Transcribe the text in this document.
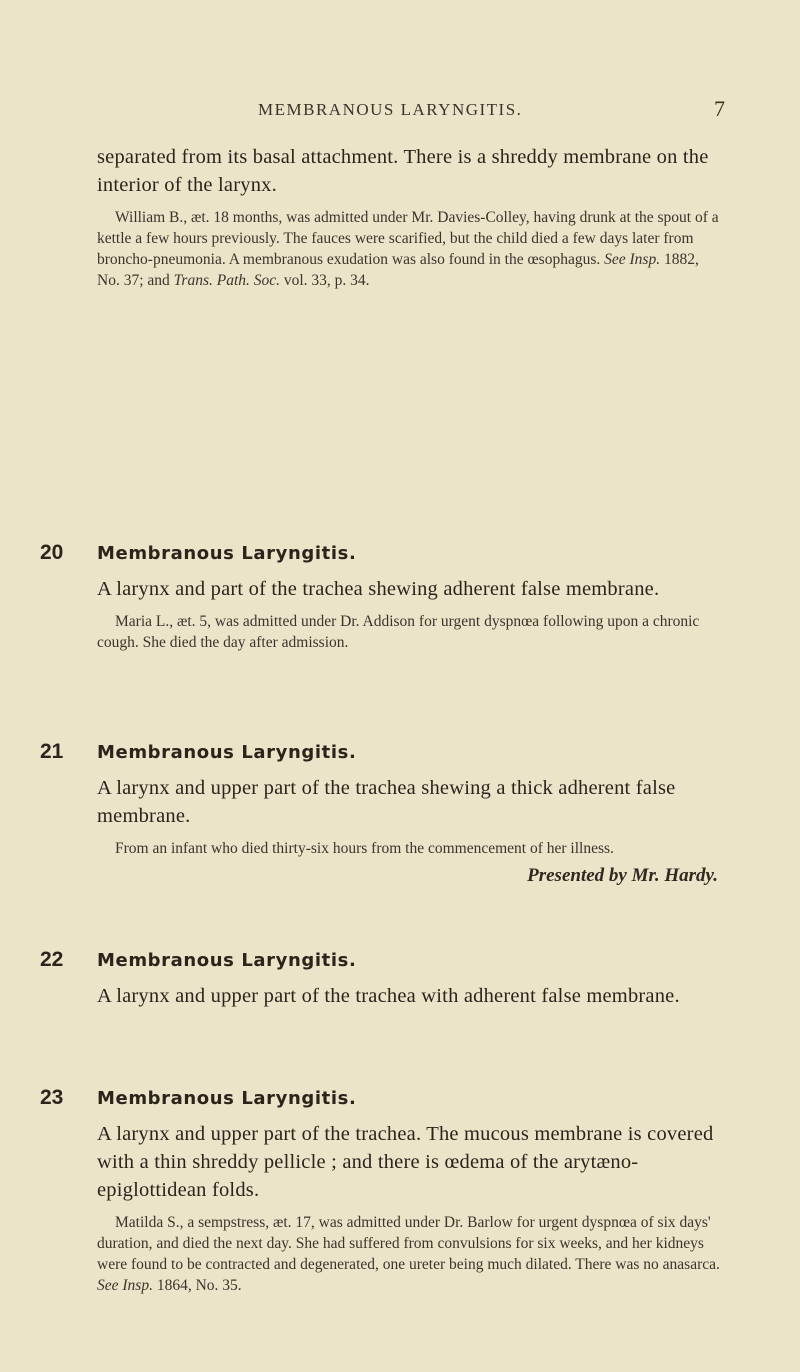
MEMBRANOUS LARYNGITIS.	7

separated from its basal attachment. There is a shreddy membrane on the interior of the larynx.

William B., æt. 18 months, was admitted under Mr. Davies-Colley, having drunk at the spout of a kettle a few hours previously. The fauces were scarified, but the child died a few days later from broncho-pneumonia. A membranous exudation was also found in the œsophagus. See Insp. 1882, No. 37; and Trans. Path. Soc. vol. 33, p. 34.

20 Membranous Laryngitis.

A larynx and part of the trachea shewing adherent false membrane.

Maria L., æt. 5, was admitted under Dr. Addison for urgent dyspnœa following upon a chronic cough. She died the day after admission.

21 Membranous Laryngitis.

A larynx and upper part of the trachea shewing a thick adherent false membrane.

From an infant who died thirty-six hours from the commencement of her illness.

Presented by Mr. Hardy.

22 Membranous Laryngitis.

A larynx and upper part of the trachea with adherent false membrane.

23 Membranous Laryngitis.

A larynx and upper part of the trachea. The mucous membrane is covered with a thin shreddy pellicle ; and there is œdema of the arytæno-epiglottidean folds.

Matilda S., a sempstress, æt. 17, was admitted under Dr. Barlow for urgent dyspnœa of six days' duration, and died the next day. She had suffered from convulsions for six weeks, and her kidneys were found to be contracted and degenerated, one ureter being much dilated. There was no anasarca. See Insp. 1864, No. 35.
